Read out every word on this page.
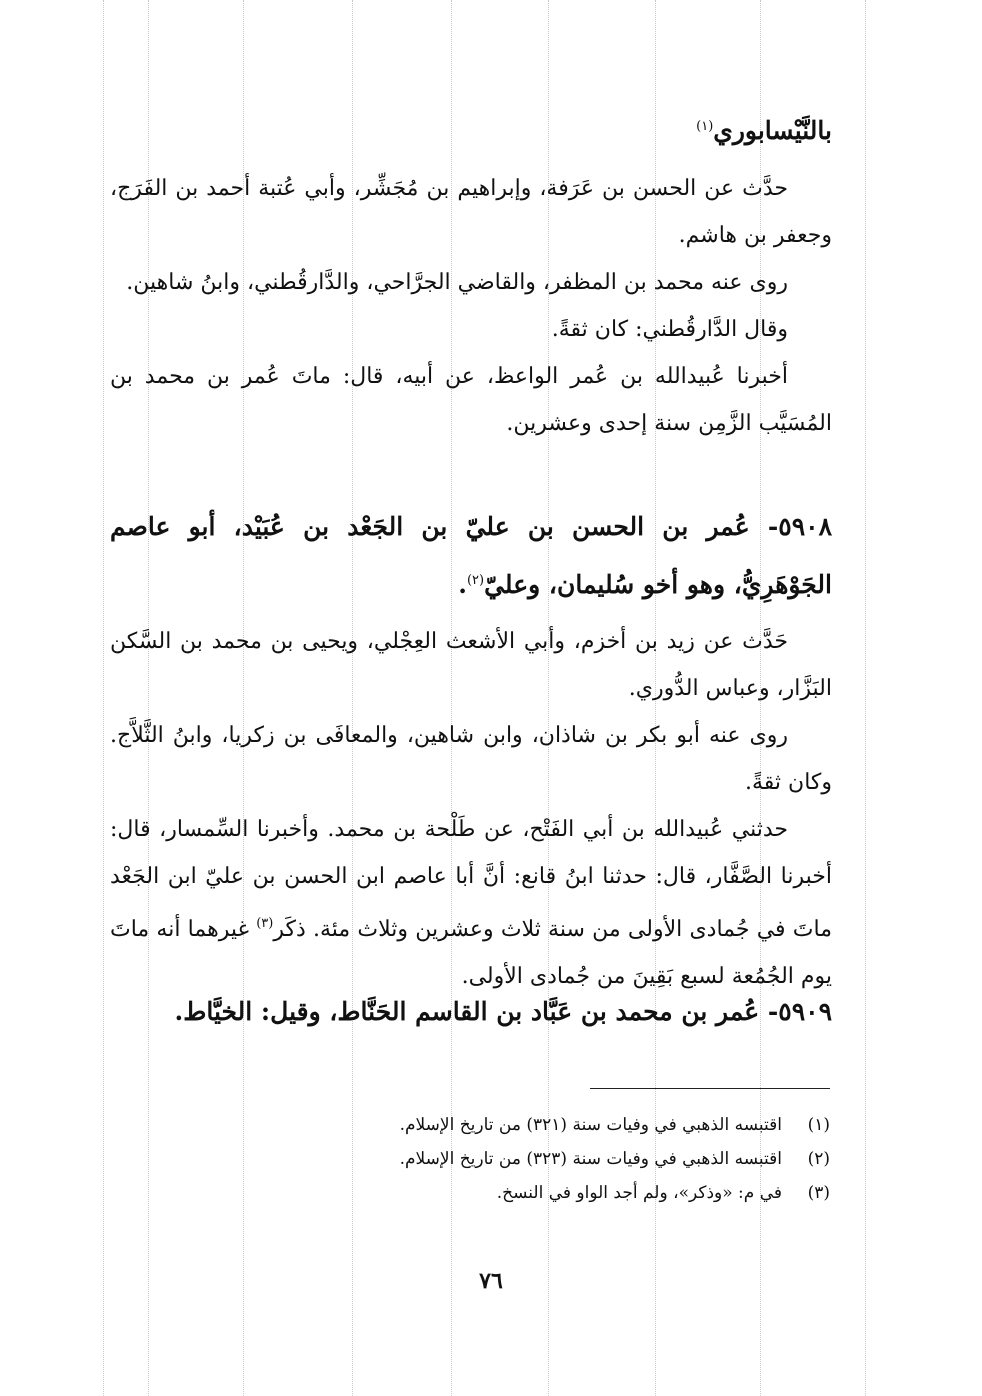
بالنَّيْسابوري$^{(١)}$

حدَّث عن الحسن بن عَرَفة، وإبراهيم بن مُجَشِّر، وأبي عُتبة أحمد بن الفَرَج، وجعفر بن هاشم.

روى عنه محمد بن المظفر، والقاضي الجرَّاحي، والدَّارقُطني، وابنُ شاهين.

وقال الدَّارقُطني: كان ثقةً.

أخبرنا عُبيدالله بن عُمر الواعظ، عن أبيه، قال: ماتَ عُمر بن محمد بن المُسَيَّب الزَّمِن سنة إحدى وعشرين.

٥٩٠٨- عُمر بن الحسن بن عليّ بن الجَعْد بن عُبَيْد، أبو عاصم الجَوْهَرِيُّ، وهو أخو سُليمان، وعليّ$^{(٢)}$.

حَدَّث عن زيد بن أخزم، وأبي الأشعث العِجْلي، ويحيى بن محمد بن السَّكن البَزَّار، وعباس الدُّوري.

روى عنه أبو بكر بن شاذان، وابن شاهين، والمعافَى بن زكريا، وابنُ الثَّلاَّج. وكان ثقةً.

حدثني عُبيدالله بن أبي الفَتْح، عن طَلْحة بن محمد. وأخبرنا السِّمسار، قال: أخبرنا الصَّفَّار، قال: حدثنا ابنُ قانع: أنَّ أبا عاصم ابن الحسن بن عليّ ابن الجَعْد ماتَ في جُمادى الأولى من سنة ثلاث وعشرين وثلاث مئة. ذكَر$^{(٣)}$ غيرهما أنه ماتَ يوم الجُمُعة لسبع بَقِينَ من جُمادى الأولى.

٥٩٠٩- عُمر بن محمد بن عَبَّاد بن القاسم الحَنَّاط، وقيل: الخيَّاط.

(١)
اقتبسه الذهبي في وفيات سنة (٣٢١) من تاريخ الإسلام.
(٢)
اقتبسه الذهبي في وفيات سنة (٣٢٣) من تاريخ الإسلام.
(٣)
في م: «وذكر»، ولم أجد الواو في النسخ.
٧٦
